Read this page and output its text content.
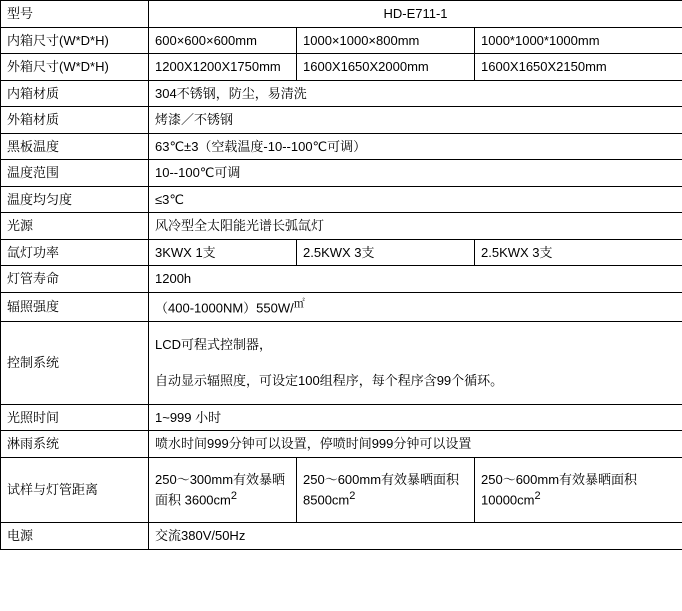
型号	HD-E711-1		
内箱尺寸(W*D*H)	600×600×600mm	1000×1000×800mm	1000*1000*1000mm
外箱尺寸(W*D*H)	1200X1200X1750mm	1600X1650X2000mm	1600X1650X2150mm
内箱材质	304不锈钢，防尘，易清洗		
外箱材质	烤漆／不锈钢		
黑板温度	63℃±3（空载温度-10--100℃可调）		
温度范围	10--100℃可调		
温度均匀度	≤3℃		
光源	风冷型全太阳能光谱长弧氙灯		
氙灯功率	3KWX 1支	2.5KWX 3支	2.5KWX 3支
灯管寿命	1200h		
辐照强度	（400-1000NM）550W/㎡
控制系统	LCD可程式控制器，
自动显示辐照度，可设定100组程序，每个程序含99个循环。		

光照时间	1~999 小时		
淋雨系统	喷水时间999分钟可以设置，停喷时间999分钟可以设置		
试样与灯管距离	250～300mm有效暴晒面积 $3600cm^2$	250～600mm有效暴晒面积 $8500cm^2$	250～600mm有效暴晒面积 $10000cm^2$
电源	交流380V/50Hz		
